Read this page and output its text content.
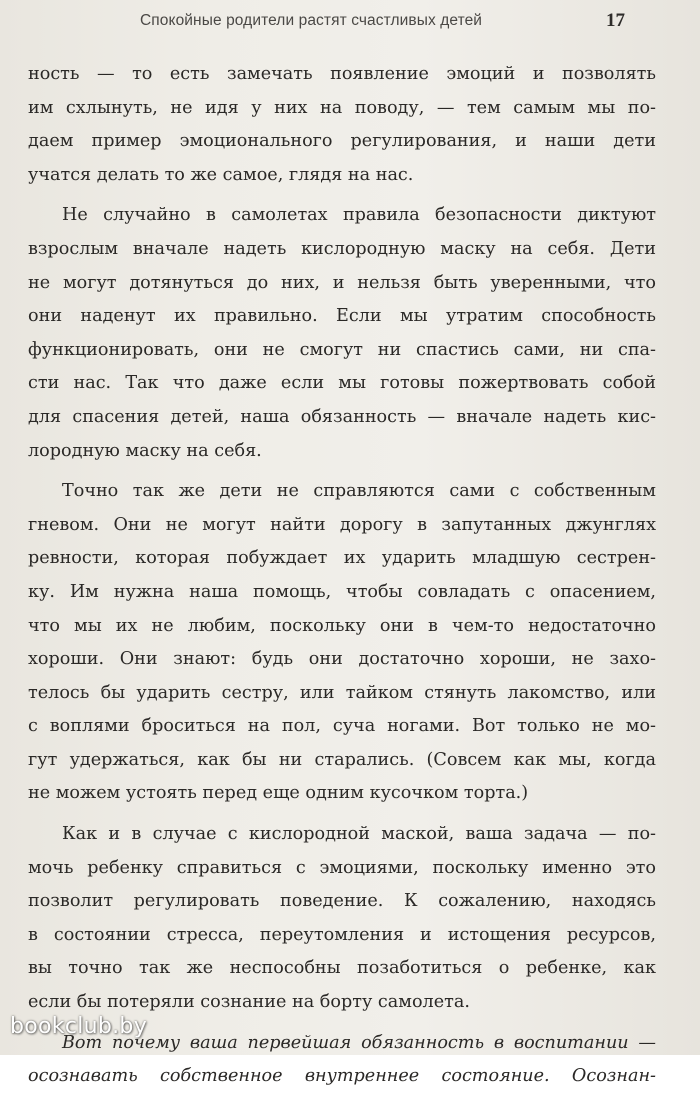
Спокойные родители растят счастливых детей	17

ность — то есть замечать появление эмоций и позволять
им схлынуть, не идя у них на поводу, — тем самым мы по-
даем пример эмоционального регулирования, и наши дети
учатся делать то же самое, глядя на нас.

Не случайно в самолетах правила безопасности диктуют
взрослым вначале надеть кислородную маску на себя. Дети
не могут дотянуться до них, и нельзя быть уверенными, что
они наденут их правильно. Если мы утратим способность
функционировать, они не смогут ни спастись сами, ни спа-
сти нас. Так что даже если мы готовы пожертвовать собой
для спасения детей, наша обязанность — вначале надеть кис-
лородную маску на себя.

Точно так же дети не справляются сами с собственным
гневом. Они не могут найти дорогу в запутанных джунглях
ревности, которая побуждает их ударить младшую сестрен-
ку. Им нужна наша помощь, чтобы совладать с опасением,
что мы их не любим, поскольку они в чем-то недостаточно
хороши. Они знают: будь они достаточно хороши, не захо-
телось бы ударить сестру, или тайком стянуть лакомство, или
с воплями броситься на пол, суча ногами. Вот только не мо-
гут удержаться, как бы ни старались. (Совсем как мы, когда
не можем устоять перед еще одним кусочком торта.)

Как и в случае с кислородной маской, ваша задача — по-
мочь ребенку справиться с эмоциями, поскольку именно это
позволит регулировать поведение. К сожалению, находясь
в состоянии стресса, переутомления и истощения ресурсов,
вы точно так же неспособны позаботиться о ребенке, как
если бы потеряли сознание на борту самолета.

Вот почему ваша первейшая обязанность в воспитании —
осознавать собственное внутреннее состояние. Осознан-

bookclub.by
